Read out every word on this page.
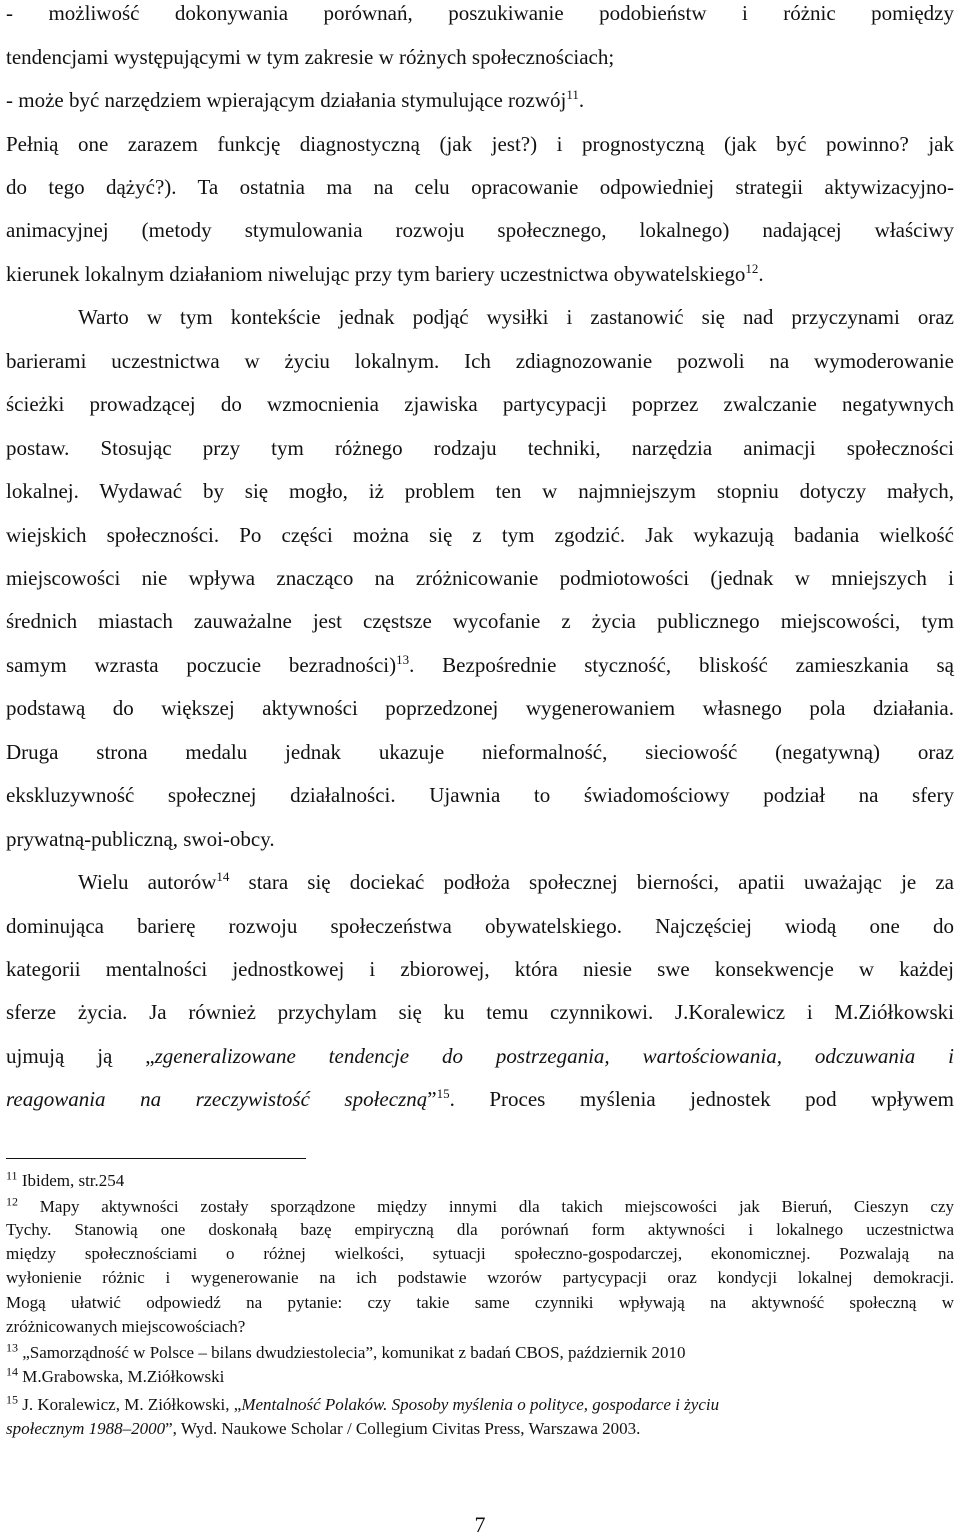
- możliwość dokonywania porównań, poszukiwanie podobieństw i różnic pomiędzy
tendencjami występującymi w tym zakresie w różnych społecznościach;
- może być narzędziem wpierającym działania stymulujące rozwój$^{11}$.
Pełnią one zarazem funkcję diagnostyczną (jak jest?) i prognostyczną (jak być powinno? jak
do tego dążyć?). Ta ostatnia ma na celu opracowanie odpowiedniej strategii aktywizacyjno-
animacyjnej (metody stymulowania rozwoju społecznego, lokalnego) nadającej właściwy
kierunek lokalnym działaniom niwelując przy tym bariery uczestnictwa obywatelskiego$^{12}$.
Warto w tym kontekście jednak podjąć wysiłki i zastanowić się nad przyczynami oraz
barierami uczestnictwa w życiu lokalnym. Ich zdiagnozowanie pozwoli na wymoderowanie
ścieżki prowadzącej do wzmocnienia zjawiska partycypacji poprzez zwalczanie negatywnych
postaw. Stosując przy tym różnego rodzaju techniki, narzędzia animacji społeczności
lokalnej. Wydawać by się mogło, iż problem ten w najmniejszym stopniu dotyczy małych,
wiejskich społeczności. Po części można się z tym zgodzić. Jak wykazują badania wielkość
miejscowości nie wpływa znacząco na zróżnicowanie podmiotowości (jednak w mniejszych i
średnich miastach zauważalne jest częstsze wycofanie z życia publicznego miejscowości, tym
samym wzrasta poczucie bezradności)$^{13}$. Bezpośrednie styczność, bliskość zamieszkania są
podstawą do większej aktywności poprzedzonej wygenerowaniem własnego pola działania.
Druga strona medalu jednak ukazuje nieformalność, sieciowość (negatywną) oraz
ekskluzywność społecznej działalności. Ujawnia to świadomościowy podział na sfery
prywatną-publiczną, swoi-obcy.
Wielu autorów$^{14}$ stara się dociekać podłoża społecznej bierności, apatii uważając je za
dominująca barierę rozwoju społeczeństwa obywatelskiego. Najczęściej wiodą one do
kategorii mentalności jednostkowej i zbiorowej, która niesie swe konsekwencje w każdej
sferze życia. Ja również przychylam się ku temu czynnikowi. J.Koralewicz i M.Ziółkowski
ujmują ją „zgeneralizowane tendencje do postrzegania, wartościowania, odczuwania i
reagowania na rzeczywistość społeczną”$^{15}$. Proces myślenia jednostek pod wpływem
$^{11}$ Ibidem, str.254
$^{12}$ Mapy aktywności zostały sporządzone między innymi dla takich miejscowości jak Bieruń, Cieszyn czy
Tychy. Stanowią one doskonałą bazę empiryczną dla porównań form aktywności i lokalnego uczestnictwa
między społecznościami o różnej wielkości, sytuacji społeczno-gospodarczej, ekonomicznej. Pozwalają na
wyłonienie różnic i wygenerowanie na ich podstawie wzorów partycypacji oraz kondycji lokalnej demokracji.
Mogą ułatwić odpowiedź na pytanie: czy takie same czynniki wpływają na aktywność społeczną w
zróżnicowanych miejscowościach?
$^{13}$ „Samorządność w Polsce – bilans dwudziestolecia”, komunikat z badań CBOS, październik 2010
$^{14}$ M.Grabowska, M.Ziółkowski
$^{15}$ J. Koralewicz, M. Ziółkowski, „Mentalność Polaków. Sposoby myślenia o polityce, gospodarce i życiu
społecznym 1988–2000”, Wyd. Naukowe Scholar / Collegium Civitas Press, Warszawa 2003.
7
